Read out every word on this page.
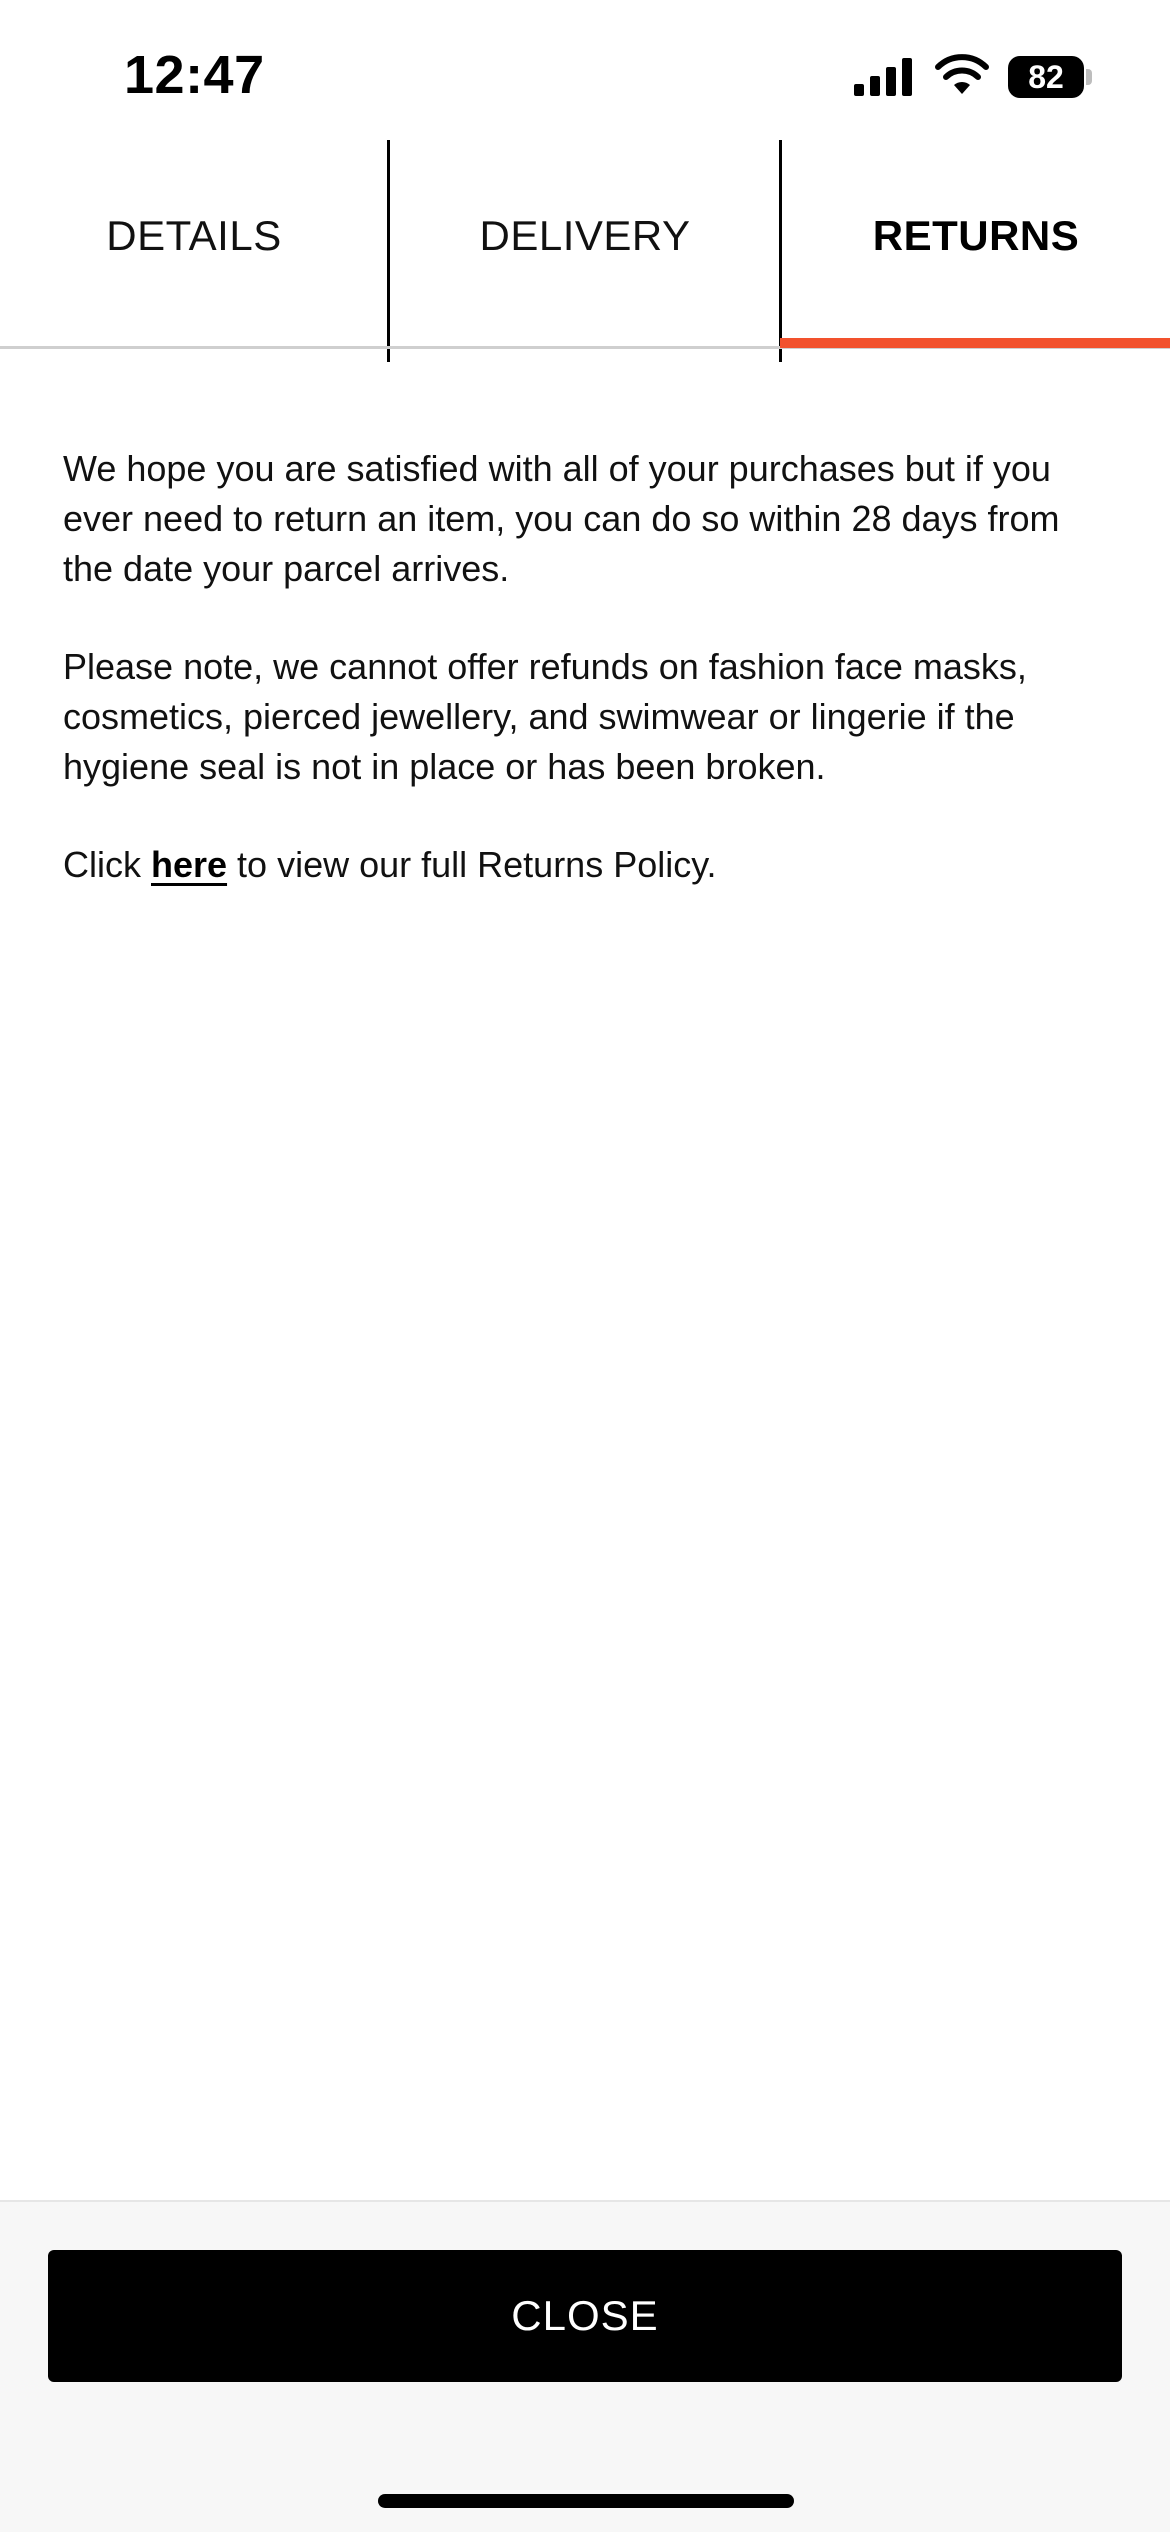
12:47	82
DETAILS	DELIVERY	RETURNS

We hope you are satisfied with all of your purchases but if you ever need to return an item, you can do so within 28 days from the date your parcel arrives.

Please note, we cannot offer refunds on fashion face masks, cosmetics, pierced jewellery, and swimwear or lingerie if the hygiene seal is not in place or has been broken.

Click here to view our full Returns Policy.

CLOSE
